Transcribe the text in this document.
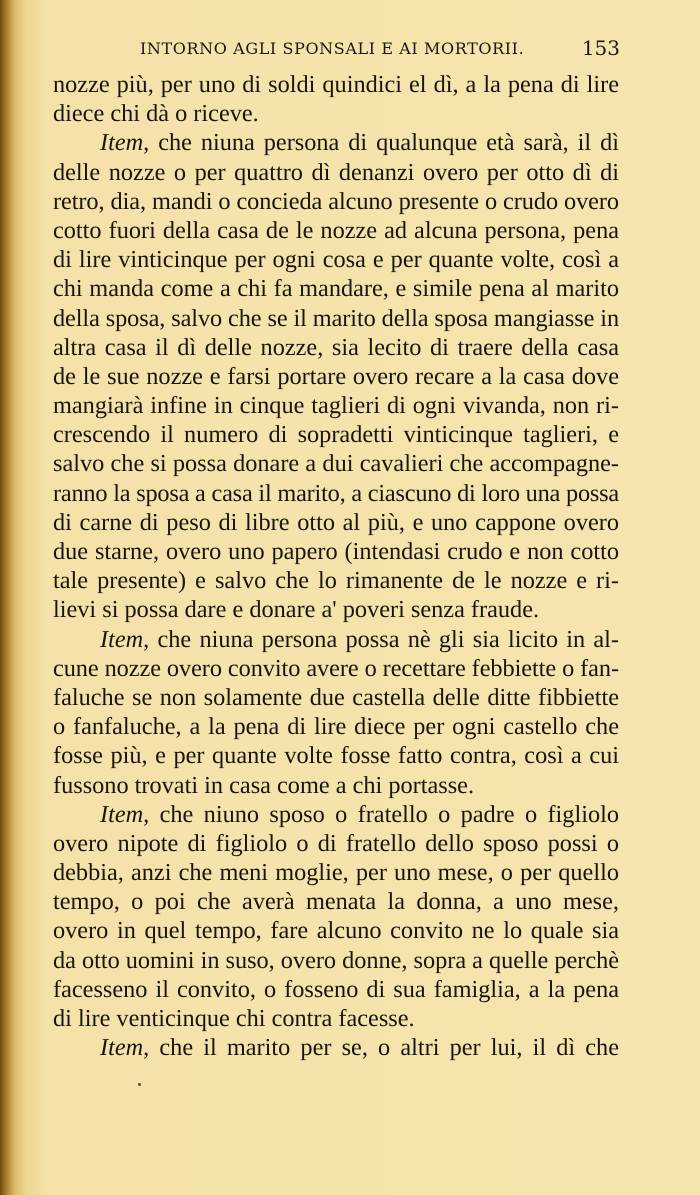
INTORNO AGLI SPONSALI E AI MORTORII.	153
nozze più, per uno di soldi quindici el dì, a la pena di lire
diece chi dà o riceve.
Item, che niuna persona di qualunque età sarà, il dì
delle nozze o per quattro dì denanzi overo per otto dì di
retro, dia, mandi o concieda alcuno presente o crudo overo
cotto fuori della casa de le nozze ad alcuna persona, pena
di lire vinticinque per ogni cosa e per quante volte, così a
chi manda come a chi fa mandare, e simile pena al marito
della sposa, salvo che se il marito della sposa mangiasse in
altra casa il dì delle nozze, sia lecito di traere della casa
de le sue nozze e farsi portare overo recare a la casa dove
mangiarà infine in cinque taglieri di ogni vivanda, non ri-
crescendo il numero di sopradetti vinticinque taglieri, e
salvo che si possa donare a dui cavalieri che accompagne-
ranno la sposa a casa il marito, a ciascuno di loro una possa
di carne di peso di libre otto al più, e uno cappone overo
due starne, overo uno papero (intendasi crudo e non cotto
tale presente) e salvo che lo rimanente de le nozze e ri-
lievi si possa dare e donare a' poveri senza fraude.
Item, che niuna persona possa nè gli sia licito in al-
cune nozze overo convito avere o recettare febbiette o fan-
faluche se non solamente due castella delle ditte fibbiette
o fanfaluche, a la pena di lire diece per ogni castello che
fosse più, e per quante volte fosse fatto contra, così a cui
fussono trovati in casa come a chi portasse.
Item, che niuno sposo o fratello o padre o figliolo
overo nipote di figliolo o di fratello dello sposo possi o
debbia, anzi che meni moglie, per uno mese, o per quello
tempo, o poi che averà menata la donna, a uno mese,
overo in quel tempo, fare alcuno convito ne lo quale sia
da otto uomini in suso, overo donne, sopra a quelle perchè
facesseno il convito, o fosseno di sua famiglia, a la pena
di lire venticinque chi contra facesse.
Item, che il marito per se, o altri per lui, il dì che
